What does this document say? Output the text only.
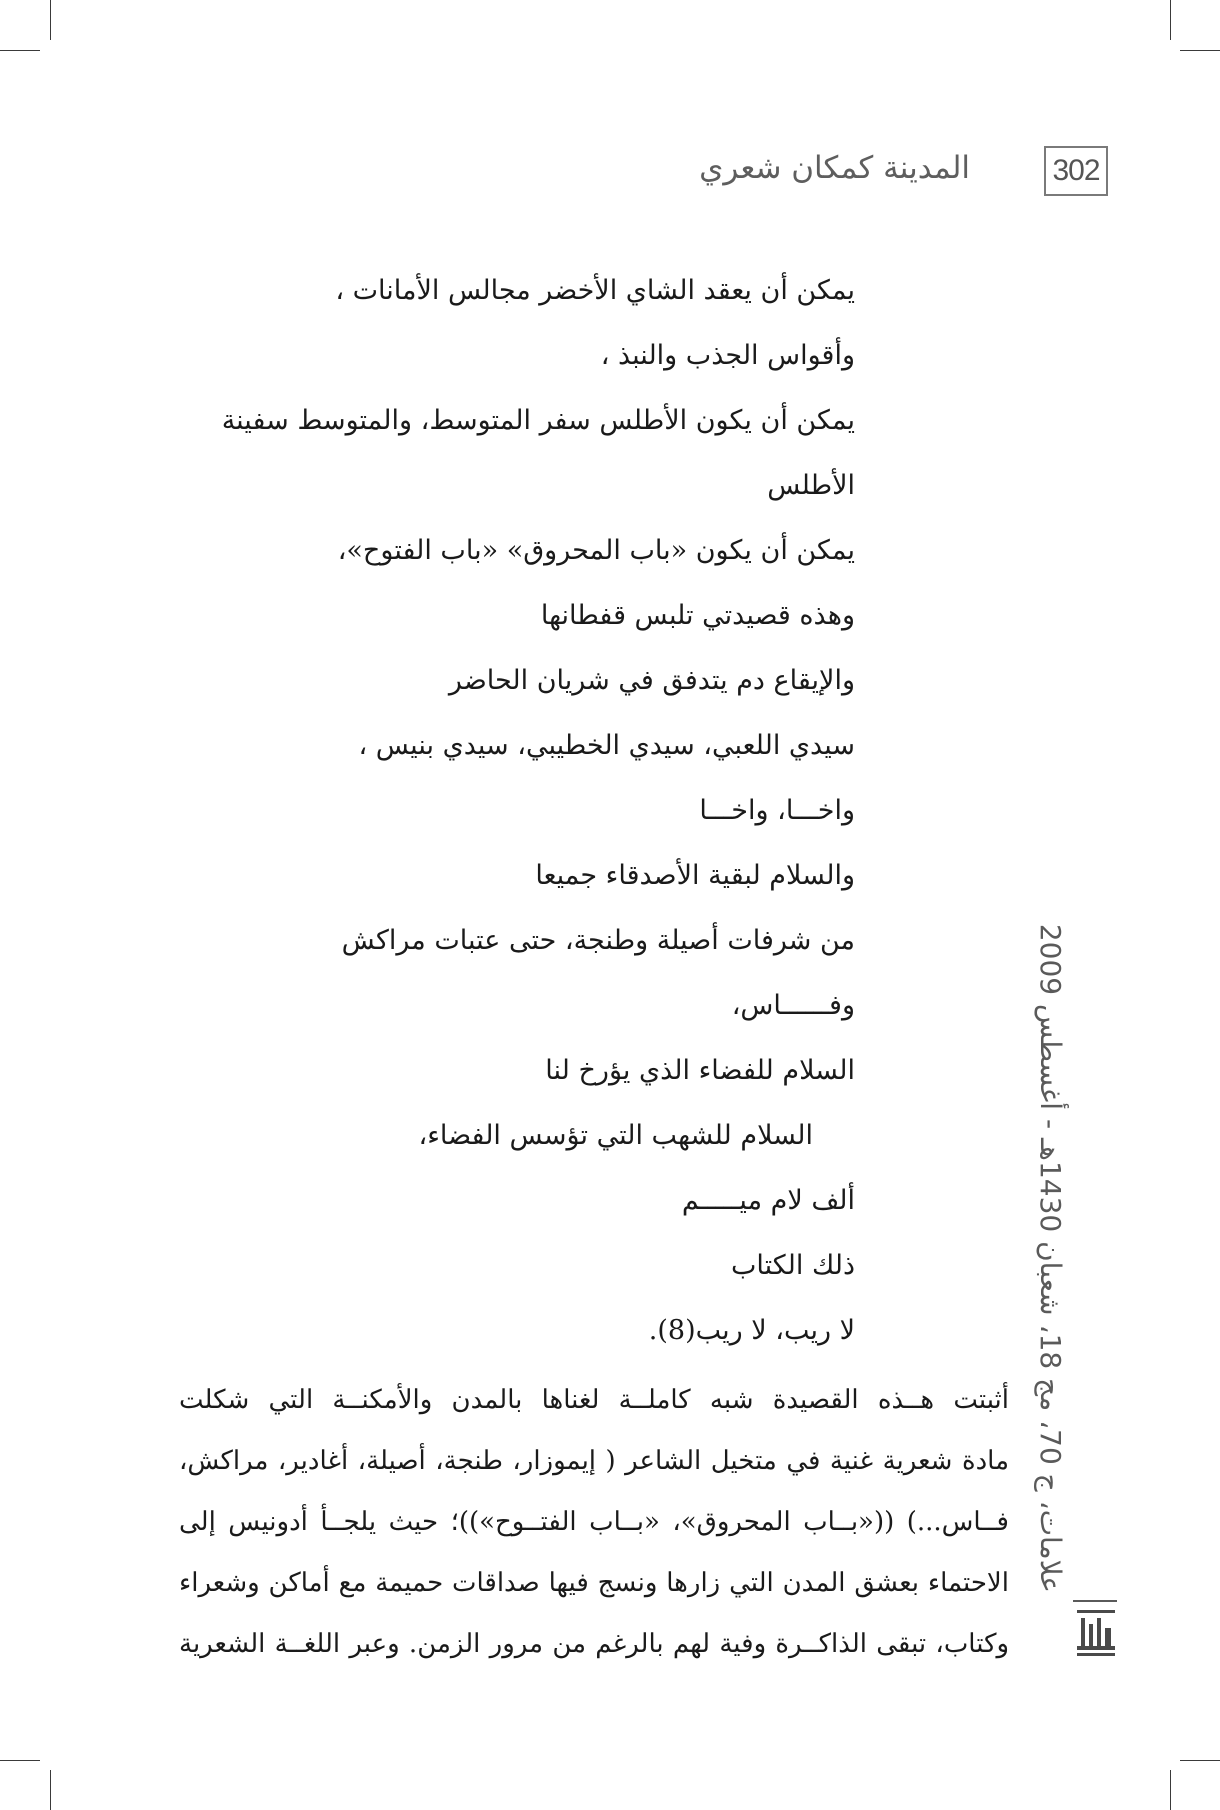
302
المدينة كمكان شعري
يمكن أن يعقد الشاي الأخضر مجالس الأمانات ،
وأقواس الجذب والنبذ ،
يمكن أن يكون الأطلس سفر المتوسط، والمتوسط سفينة
الأطلس
يمكن أن يكون «باب المحروق» «باب الفتوح»،
وهذه قصيدتي تلبس قفطانها
والإيقاع دم يتدفق في شريان الحاضر
سيدي اللعبي، سيدي الخطيبي، سيدي بنيس ،
واخـــا، واخـــا
والسلام لبقية الأصدقاء جميعا
من شرفات أصيلة وطنجة، حتى عتبات مراكش
وفــــــاس،
السلام للفضاء الذي يؤرخ لنا
السلام للشهب التي تؤسس الفضاء،
ألف لام ميـــــم
ذلك الكتاب
لا ريب، لا ريب(8).
أثبتت هــذه القصيدة شبه كاملــة لغناها بالمدن والأمكنــة التي شكلت
مادة شعرية غنية في متخيل الشاعر ( إيموزار، طنجة، أصيلة، أغادير، مراكش،
فــاس...) ((«بــاب المحروق»، «بــاب الفتــوح»))؛ حيث يلجــأ أدونيس إلى
الاحتماء بعشق المدن التي زارها ونسج فيها صداقات حميمة مع أماكن وشعراء
وكتاب، تبقى الذاكــرة وفية لهم بالرغم من مرور الزمن. وعبر اللغــة الشعرية
علامات، ج 70، مج 18، شعبان 1430هـ - أغسطس 2009
